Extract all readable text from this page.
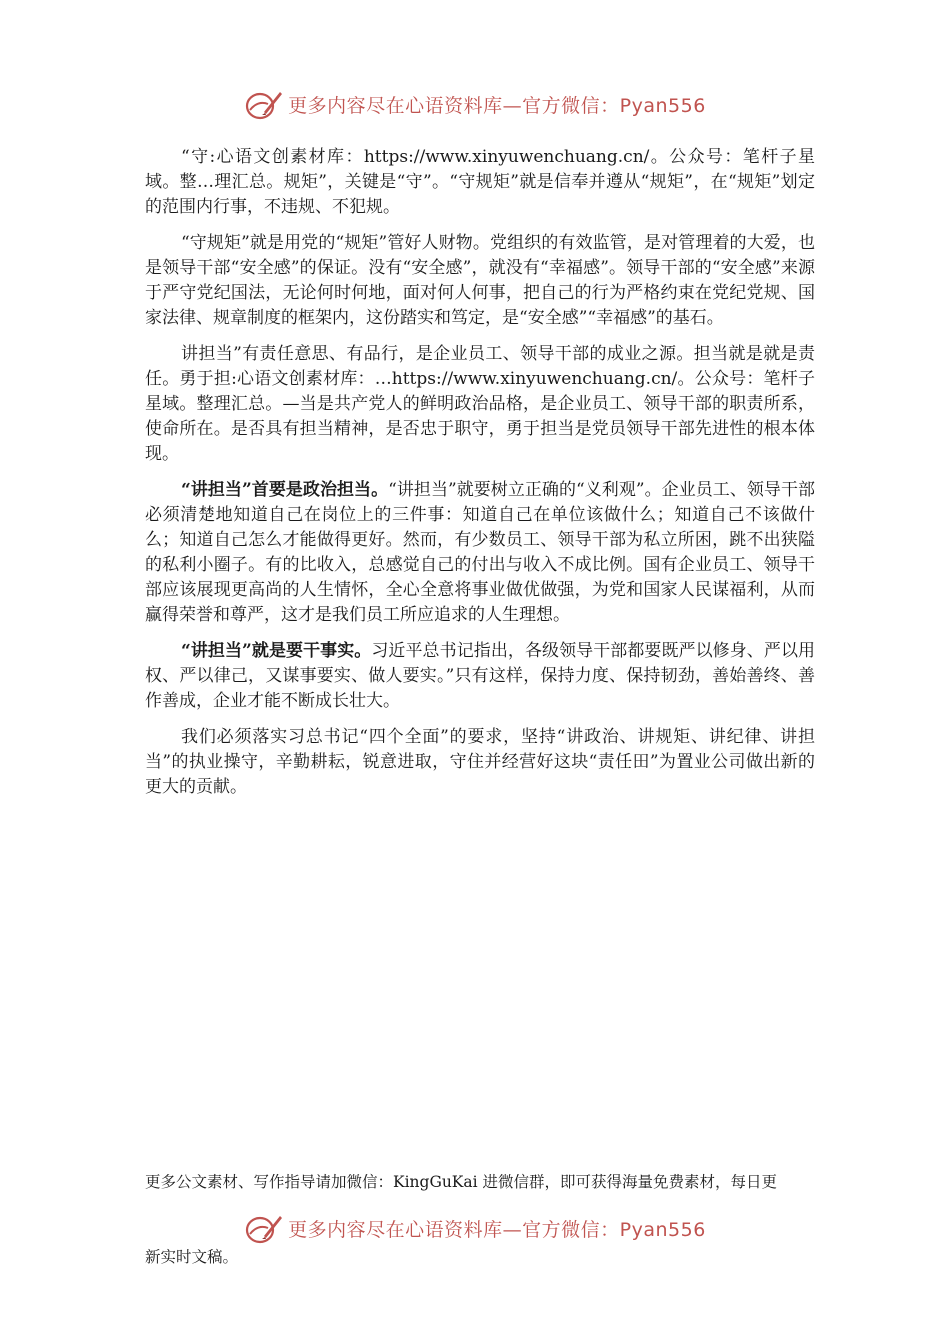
更多内容尽在心语资料库—官方微信：Pyan556

“守:心语文创素材库：https://www.xinyuwenchuang.cn/。公众号：笔杆子星域。整…理汇总。规矩”，关键是“守”。“守规矩”就是信奉并遵从“规矩”，在“规矩”划定的范围内行事，不违规、不犯规。

“守规矩”就是用党的“规矩”管好人财物。党组织的有效监管，是对管理着的大爱，也是领导干部“安全感”的保证。没有“安全感”，就没有“幸福感”。领导干部的“安全感”来源于严守党纪国法，无论何时何地，面对何人何事，把自己的行为严格约束在党纪党规、国家法律、规章制度的框架内，这份踏实和笃定，是“安全感”“幸福感”的基石。

讲担当”有责任意思、有品行，是企业员工、领导干部的成业之源。担当就是就是责任。勇于担:心语文创素材库：…https://www.xinyuwenchuang.cn/。公众号：笔杆子星域。整理汇总。—当是共产党人的鲜明政治品格，是企业员工、领导干部的职责所系，使命所在。是否具有担当精神，是否忠于职守，勇于担当是党员领导干部先进性的根本体现。

“讲担当”首要是政治担当。“讲担当”就要树立正确的“义利观”。企业员工、领导干部必须清楚地知道自己在岗位上的三件事：知道自己在单位该做什么；知道自己不该做什么；知道自己怎么才能做得更好。然而，有少数员工、领导干部为私立所困，跳不出狭隘的私利小圈子。有的比收入，总感觉自己的付出与收入不成比例。国有企业员工、领导干部应该展现更高尚的人生情怀，全心全意将事业做优做强，为党和国家人民谋福利，从而赢得荣誉和尊严，这才是我们员工所应追求的人生理想。

“讲担当”就是要干事实。习近平总书记指出，各级领导干部都要既严以修身、严以用权、严以律己，又谋事要实、做人要实。”只有这样，保持力度、保持韧劲，善始善终、善作善成，企业才能不断成长壮大。

我们必须落实习总书记“四个全面”的要求，坚持“讲政治、讲规矩、讲纪律、讲担当”的执业操守，辛勤耕耘，锐意进取，守住并经营好这块“责任田”为置业公司做出新的更大的贡献。

更多公文素材、写作指导请加微信：KingGuKai 进微信群，即可获得海量免费素材，每日更
更多内容尽在心语资料库—官方微信：Pyan556
新实时文稿。
